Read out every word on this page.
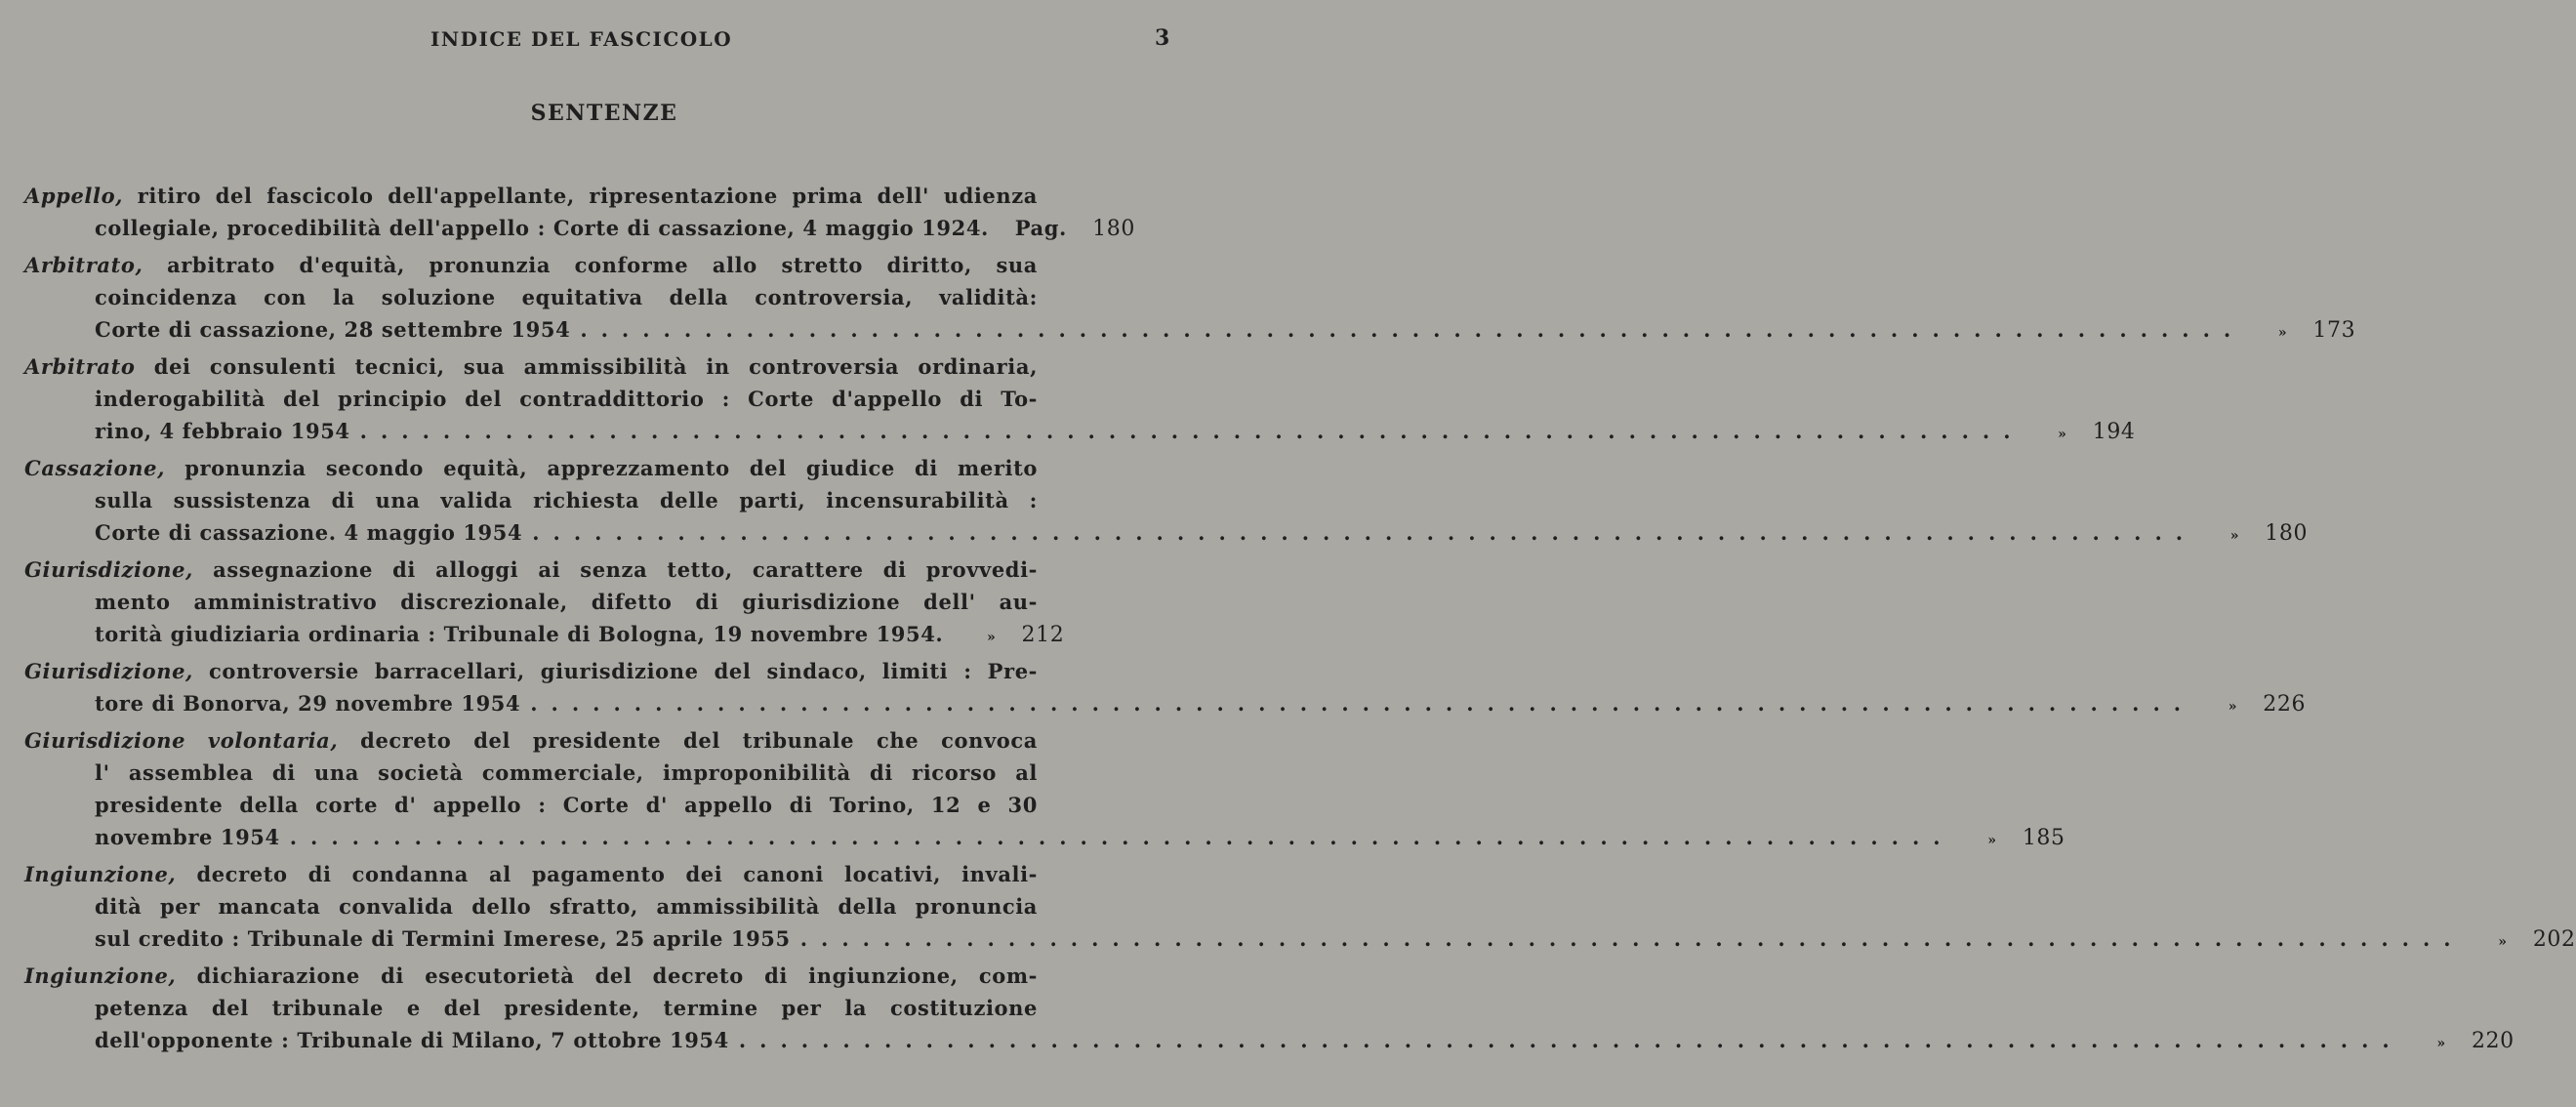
INDICE DEL FASCICOLO	3
SENTENZE
Appello, ritiro del fascicolo dell'appellante, ripresentazione prima dell' udienza
collegiale, procedibilità dell'appello : Corte di cassazione, 4 maggio 1924.	Pag.	180
Arbitrato, arbitrato d'equità, pronunzia conforme allo stretto diritto, sua
coincidenza con la soluzione equitativa della controversia, validità:
Corte di cassazione, 28 settembre 1954 ................................................................................	»	173
Arbitrato dei consulenti tecnici, sua ammissibilità in controversia ordinaria,
inderogabilità del principio del contraddittorio : Corte d'appello di To-
rino, 4 febbraio 1954 ................................................................................	»	194
Cassazione, pronunzia secondo equità, apprezzamento del giudice di merito
sulla sussistenza di una valida richiesta delle parti, incensurabilità :
Corte di cassazione. 4 maggio 1954 ................................................................................	»	180
Giurisdizione, assegnazione di alloggi ai senza tetto, carattere di provvedi-
mento amministrativo discrezionale, difetto di giurisdizione dell' au-
torità giudiziaria ordinaria : Tribunale di Bologna, 19 novembre 1954.	»	212
Giurisdizione, controversie barracellari, giurisdizione del sindaco, limiti : Pre-
tore di Bonorva, 29 novembre 1954 ................................................................................	»	226
Giurisdizione volontaria, decreto del presidente del tribunale che convoca
l' assemblea di una società commerciale, improponibilità di ricorso al
presidente della corte d' appello : Corte d' appello di Torino, 12 e 30
novembre 1954 ................................................................................	»	185
Ingiunzione, decreto di condanna al pagamento dei canoni locativi, invali-
dità per mancata convalida dello sfratto, ammissibilità della pronuncia
sul credito : Tribunale di Termini Imerese, 25 aprile 1955 ................................................................................	»	202
Ingiunzione, dichiarazione di esecutorietà del decreto di ingiunzione, com-
petenza del tribunale e del presidente, termine per la costituzione
dell'opponente : Tribunale di Milano, 7 ottobre 1954 ................................................................................	»	220
